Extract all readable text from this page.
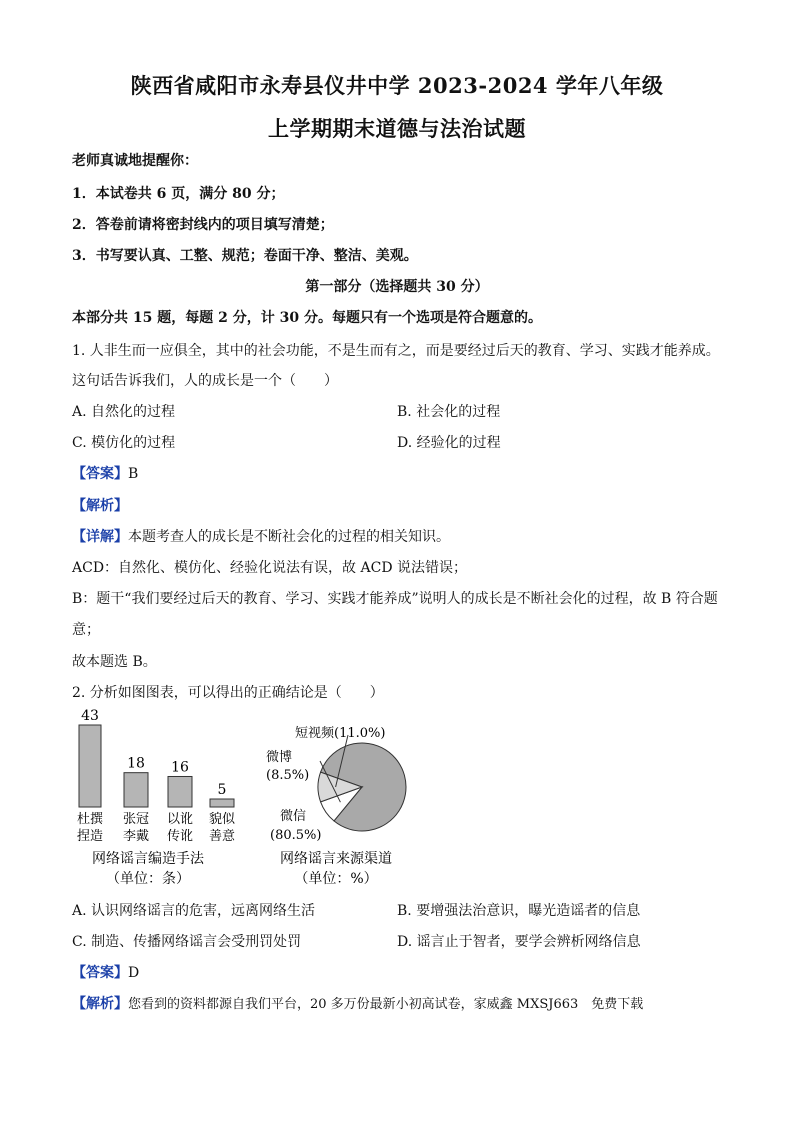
陕西省咸阳市永寿县仪井中学 2023-2024 学年八年级
上学期期末道德与法治试题
老师真诚地提醒你：
1．本试卷共 6 页，满分 80 分；
2．答卷前请将密封线内的项目填写清楚；
3．书写要认真、工整、规范；卷面干净、整洁、美观。
第一部分（选择题共 30 分）
本部分共 15 题，每题 2 分，计 30 分。每题只有一个选项是符合题意的。
1. 人非生而一应俱全，其中的社会功能，不是生而有之，而是要经过后天的教育、学习、实践才能养成。
这句话告诉我们，人的成长是一个（　　）
A. 自然化的过程	B. 社会化的过程
C. 模仿化的过程	D. 经验化的过程
【答案】B
【解析】
【详解】本题考查人的成长是不断社会化的过程的相关知识。
ACD：自然化、模仿化、经验化说法有误，故 ACD 说法错误；
B：题干“我们要经过后天的教育、学习、实践才能养成”说明人的成长是不断社会化的过程，故 B 符合题
意；
故本题选 B。
2. 分析如图图表，可以得出的正确结论是（　　）
43
杜撰
捏造
18
张冠
李戴
16
以讹
传讹
5
貌似
善意
网络谣言编造手法
（单位：条）
短视频(11.0%)
微博
(8.5%)
微信
(80.5%)
网络谣言来源渠道
（单位：%）
A. 认识网络谣言的危害，远离网络生活	B. 要增强法治意识，曝光造谣者的信息
C. 制造、传播网络谣言会受刑罚处罚	D. 谣言止于智者，要学会辨析网络信息
【答案】D
【解析】您看到的资料都源自我们平台，20 多万份最新小初高试卷，家威鑫 MXSJ663　免费下载
